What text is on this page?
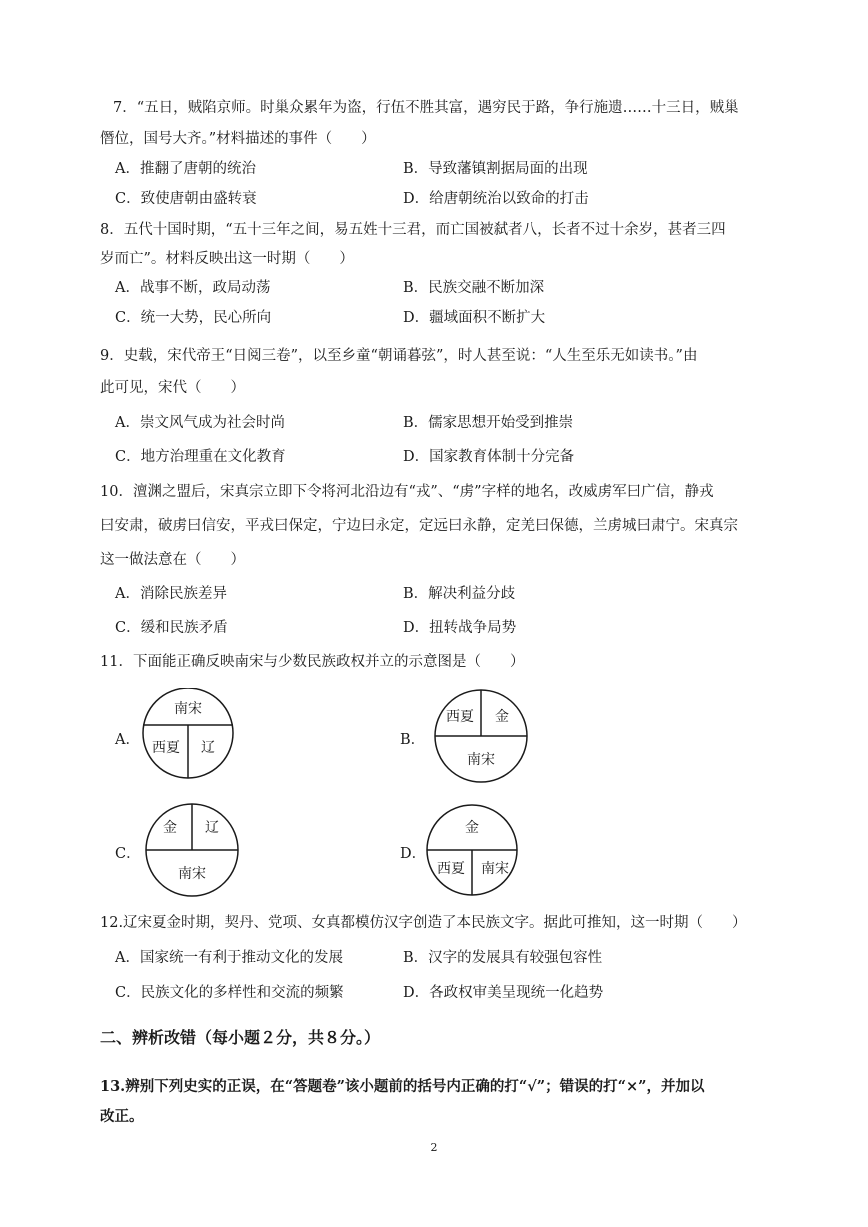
7．“五日，贼陷京师。时巢众累年为盗，行伍不胜其富，遇穷民于路，争行施遗……十三日，贼巢
僭位，国号大齐。”材料描述的事件（　　）
A．推翻了唐朝的统治	B．导致藩镇割据局面的出现
C．致使唐朝由盛转衰	D．给唐朝统治以致命的打击
8．五代十国时期，“五十三年之间，易五姓十三君，而亡国被弑者八，长者不过十余岁，甚者三四
岁而亡”。材料反映出这一时期（　　）
A．战事不断，政局动荡	B．民族交融不断加深
C．统一大势，民心所向	D．疆域面积不断扩大
9．史载，宋代帝王“日阅三卷”，以至乡童“朝诵暮弦”，时人甚至说：“人生至乐无如读书。”由
此可见，宋代（　　）
A．崇文风气成为社会时尚	B．儒家思想开始受到推崇
C．地方治理重在文化教育	D．国家教育体制十分完备
10．澶渊之盟后，宋真宗立即下令将河北沿边有“戎”、“虏”字样的地名，改威虏军曰广信，静戎
曰安肃，破虏曰信安，平戎曰保定，宁边曰永定，定远曰永静，定羌曰保德，兰虏城曰肃宁。宋真宗
这一做法意在（　　）
A．消除民族差异	B．解决利益分歧
C．缓和民族矛盾	D．扭转战争局势
11．下面能正确反映南宋与少数民族政权并立的示意图是（　　）
A．	B．
C．	D．
南宋
西夏 辽
西夏 金
南宋
金 辽
南宋
金
西夏 南宋
12.辽宋夏金时期，契丹、党项、女真都模仿汉字创造了本民族文字。据此可推知，这一时期（　　）
A．国家统一有利于推动文化的发展	B．汉字的发展具有较强包容性
C．民族文化的多样性和交流的频繁	D．各政权审美呈现统一化趋势
二、辨析改错（每小题２分，共８分。）
13.辨别下列史实的正误，在“答题卷”该小题前的括号内正确的打“√”；错误的打“×”，并加以
改正。
2
